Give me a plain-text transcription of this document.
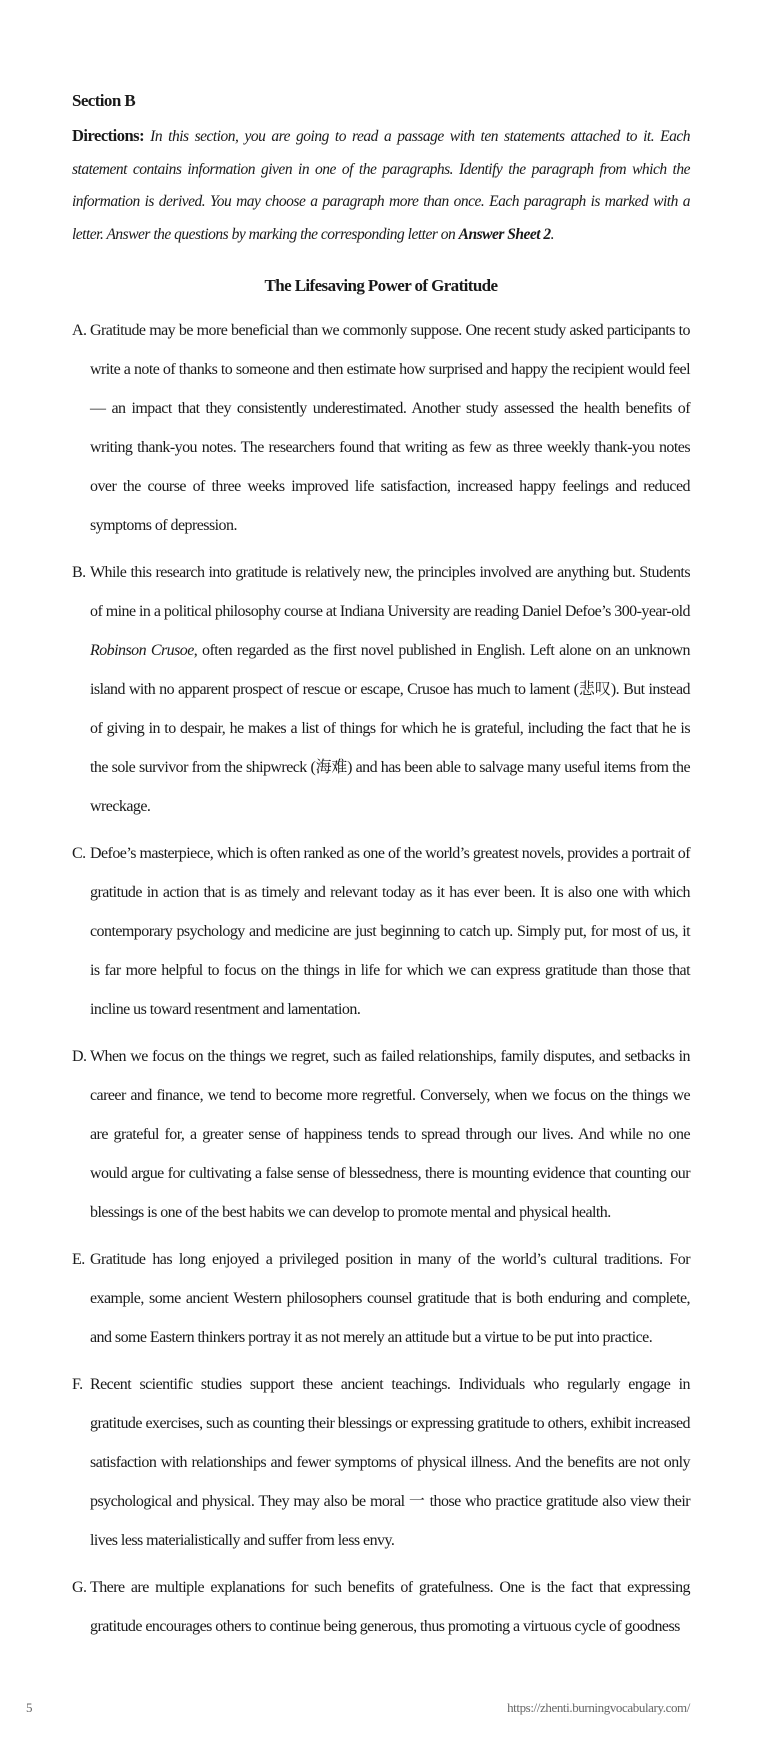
Section B

Directions: In this section, you are going to read a passage with ten statements attached to it. Each statement contains information given in one of the paragraphs. Identify the paragraph from which the information is derived. You may choose a paragraph more than once. Each paragraph is marked with a letter. Answer the questions by marking the corresponding letter on Answer Sheet 2.

The Lifesaving Power of Gratitude

A. Gratitude may be more beneficial than we commonly suppose. One recent study asked participants to write a note of thanks to someone and then estimate how surprised and happy the recipient would feel — an impact that they consistently underestimated. Another study assessed the health benefits of writing thank-you notes. The researchers found that writing as few as three weekly thank-you notes over the course of three weeks improved life satisfaction, increased happy feelings and reduced symptoms of depression.

B. While this research into gratitude is relatively new, the principles involved are anything but. Students of mine in a political philosophy course at Indiana University are reading Daniel Defoe’s 300-year-old Robinson Crusoe, often regarded as the first novel published in English. Left alone on an unknown island with no apparent prospect of rescue or escape, Crusoe has much to lament (悲叹). But instead of giving in to despair, he makes a list of things for which he is grateful, including the fact that he is the sole survivor from the shipwreck (海难) and has been able to salvage many useful items from the wreckage.

C. Defoe’s masterpiece, which is often ranked as one of the world’s greatest novels, provides a portrait of gratitude in action that is as timely and relevant today as it has ever been. It is also one with which contemporary psychology and medicine are just beginning to catch up. Simply put, for most of us, it is far more helpful to focus on the things in life for which we can express gratitude than those that incline us toward resentment and lamentation.

D. When we focus on the things we regret, such as failed relationships, family disputes, and setbacks in career and finance, we tend to become more regretful. Conversely, when we focus on the things we are grateful for, a greater sense of happiness tends to spread through our lives. And while no one would argue for cultivating a false sense of blessedness, there is mounting evidence that counting our blessings is one of the best habits we can develop to promote mental and physical health.

E. Gratitude has long enjoyed a privileged position in many of the world’s cultural traditions. For example, some ancient Western philosophers counsel gratitude that is both enduring and complete, and some Eastern thinkers portray it as not merely an attitude but a virtue to be put into practice.

F. Recent scientific studies support these ancient teachings. Individuals who regularly engage in gratitude exercises, such as counting their blessings or expressing gratitude to others, exhibit increased satisfaction with relationships and fewer symptoms of physical illness. And the benefits are not only psychological and physical. They may also be moral 一 those who practice gratitude also view their lives less materialistically and suffer from less envy.

G. There are multiple explanations for such benefits of gratefulness. One is the fact that expressing gratitude encourages others to continue being generous, thus promoting a virtuous cycle of goodness

5	https://zhenti.burningvocabulary.com/
